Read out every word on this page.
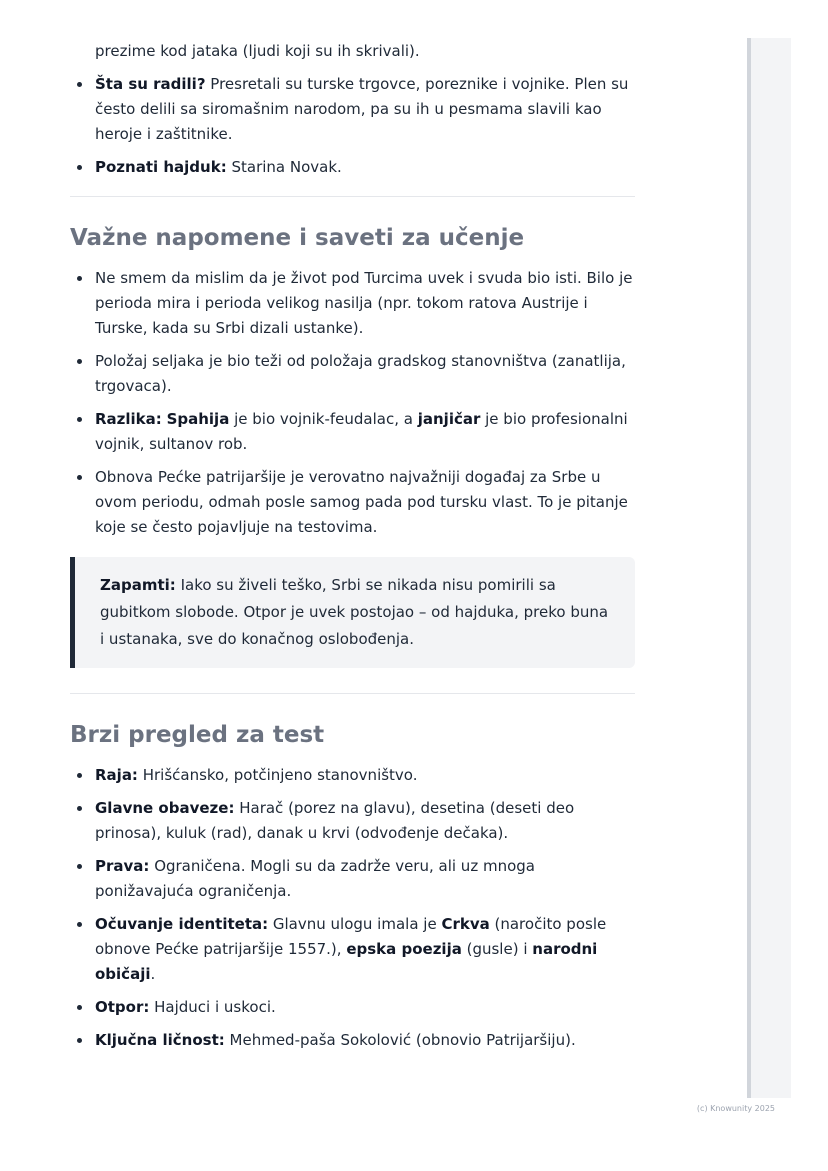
prezime kod jataka (ljudi koji su ih skrivali).
Šta su radili? Presretali su turske trgovce, poreznike i vojnike. Plen su često delili sa siromašnim narodom, pa su ih u pesmama slavili kao heroje i zaštitnike.
Poznati hajduk: Starina Novak.
Važne napomene i saveti za učenje
Ne smem da mislim da je život pod Turcima uvek i svuda bio isti. Bilo je perioda mira i perioda velikog nasilja (npr. tokom ratova Austrije i Turske, kada su Srbi dizali ustanke).
Položaj seljaka je bio teži od položaja gradskog stanovništva (zanatlija, trgovaca).
Razlika: Spahija je bio vojnik-feudalac, a janjičar je bio profesionalni vojnik, sultanov rob.
Obnova Pećke patrijaršije je verovatno najvažniji događaj za Srbe u ovom periodu, odmah posle samog pada pod tursku vlast. To je pitanje koje se često pojavljuje na testovima.
Zapamti: Iako su živeli teško, Srbi se nikada nisu pomirili sa gubitkom slobode. Otpor je uvek postojao – od hajduka, preko buna i ustanaka, sve do konačnog oslobođenja.
Brzi pregled za test
Raja: Hrišćansko, potčinjeno stanovništvo.
Glavne obaveze: Harač (porez na glavu), desetina (deseti deo prinosa), kuluk (rad), danak u krvi (odvođenje dečaka).
Prava: Ograničena. Mogli su da zadrže veru, ali uz mnoga ponižavajuća ograničenja.
Očuvanje identiteta: Glavnu ulogu imala je Crkva (naročito posle obnove Pećke patrijaršije 1557.), epska poezija (gusle) i narodni običaji.
Otpor: Hajduci i uskoci.
Ključna ličnost: Mehmed-paša Sokolović (obnovio Patrijaršiju).
(c) Knowunity 2025
